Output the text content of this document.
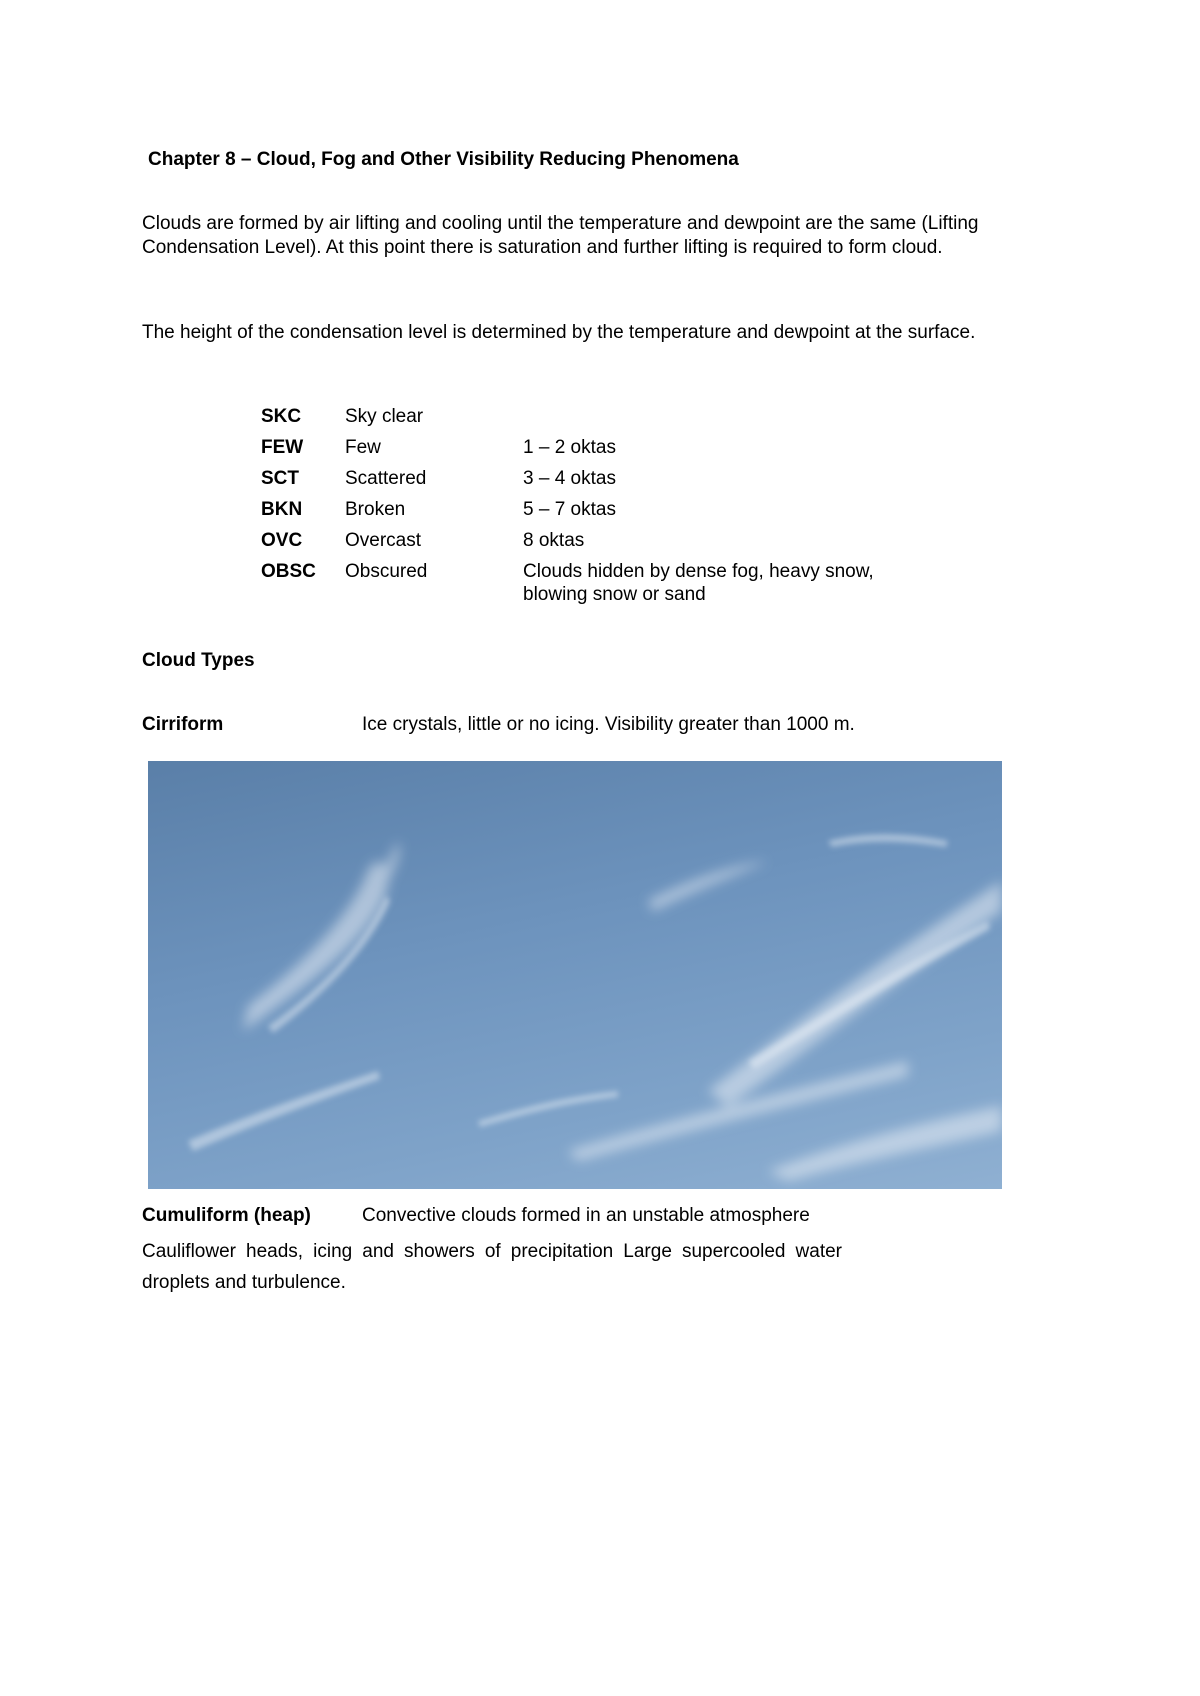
Chapter 8 – Cloud, Fog and Other Visibility Reducing Phenomena
Clouds are formed by air lifting and cooling until the temperature and dewpoint are the same (Lifting Condensation Level). At this point there is saturation and further lifting is required to form cloud.
The height of the condensation level is determined by the temperature and dewpoint at the surface.
SKC	Sky clear
FEW	Few	1 – 2 oktas
SCT	Scattered	3 – 4 oktas
BKN	Broken	5 – 7 oktas
OVC	Overcast	8 oktas
OBSC	Obscured	Clouds hidden by dense fog, heavy snow, blowing snow or sand
Cloud Types
Cirriform	Ice crystals, little or no icing. Visibility greater than 1000 m.
Cumuliform (heap)	Convective clouds formed in an unstable atmosphere
Cauliflower heads, icing and showers of precipitation Large supercooled water droplets and turbulence.
